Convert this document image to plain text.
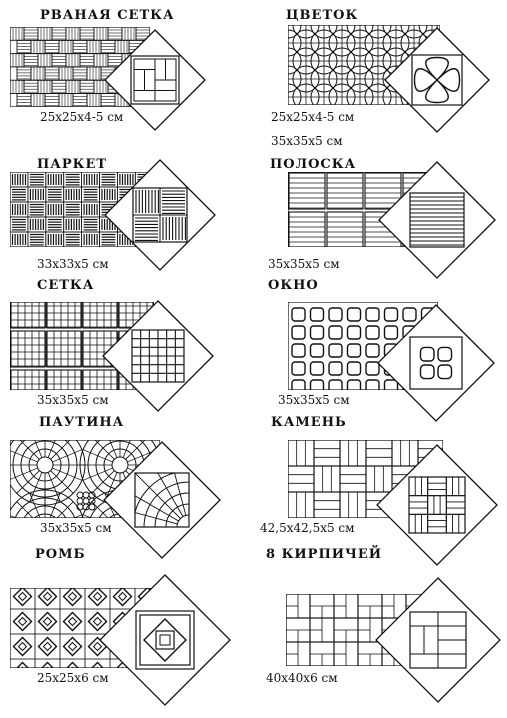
РВАНАЯ СЕТКА
25x25x4-5 см
ЦВЕТОК
25x25x4-5 см
35x35x5 см
ПАРКЕТ
33x33x5 см
ПОЛОСКА
35x35x5 см
СЕТКА
35x35x5 см
ОКНО
35x35x5 см
ПАУТИНА
35x35x5 см
КАМЕНЬ
42,5x42,5x5 см
РОМБ
25x25x6 см
8 КИРПИЧЕЙ
40x40x6 см
